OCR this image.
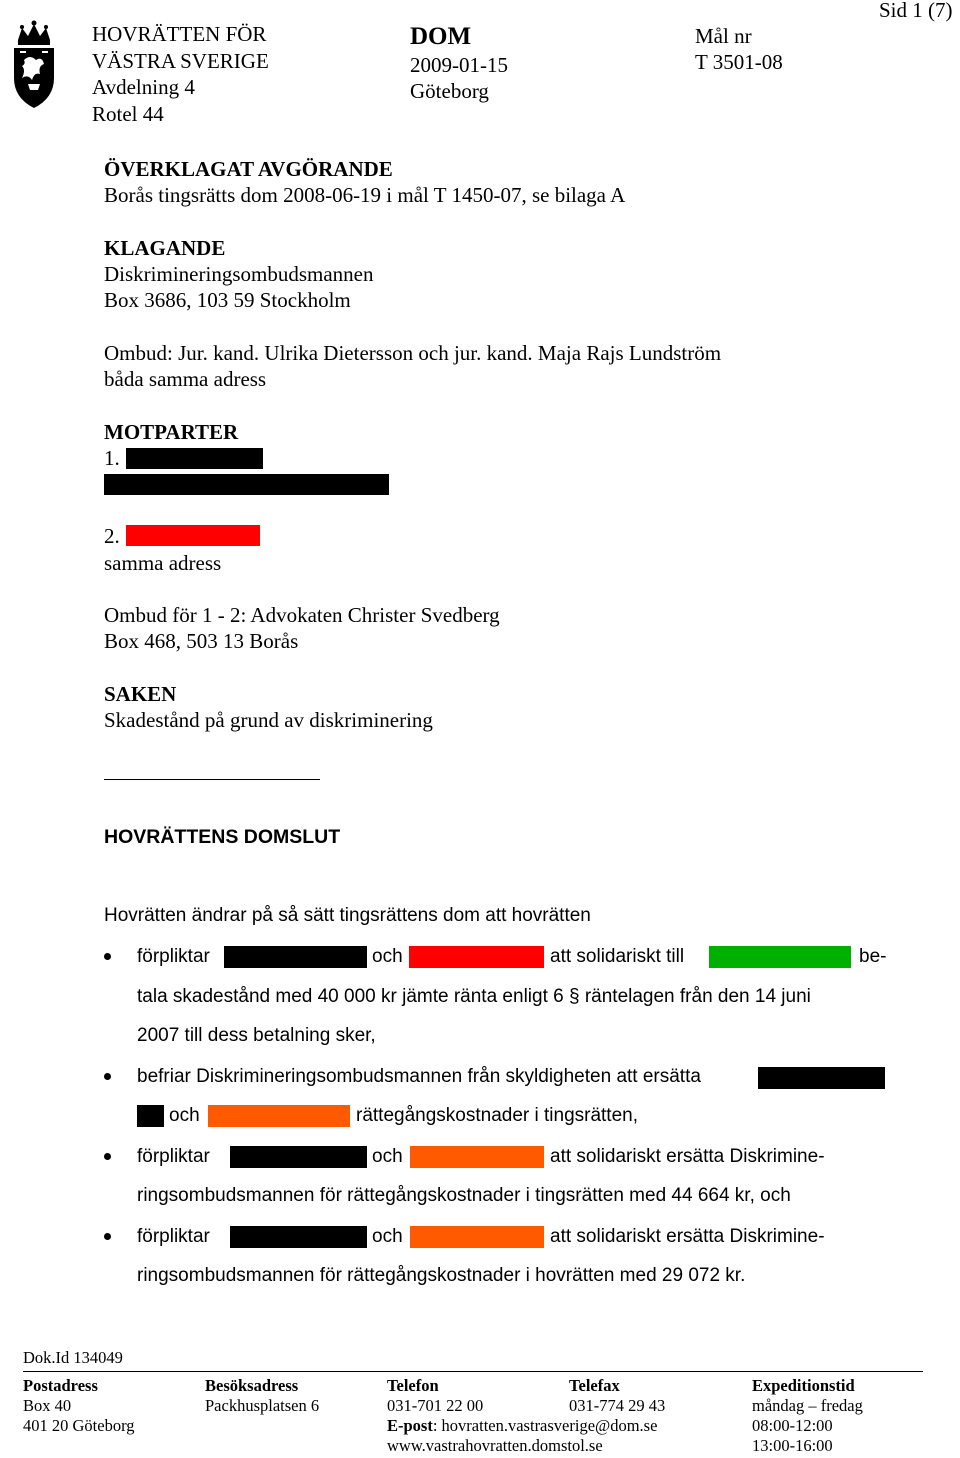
HOVRÄTTEN FÖR
VÄSTRA SVERIGE
Avdelning 4
Rotel 44
DOM
2009-01-15
Göteborg
Mål nr
T 3501-08
Sid 1 (7)
ÖVERKLAGAT AVGÖRANDE
Borås tingsrätts dom 2008-06-19 i mål T 1450-07, se bilaga A
KLAGANDE
Diskrimineringsombudsmannen
Box 3686, 103 59 Stockholm
Ombud: Jur. kand. Ulrika Dietersson och jur. kand. Maja Rajs Lundström
båda samma adress
MOTPARTER
1.
2.
samma adress
Ombud för 1 - 2: Advokaten Christer Svedberg
Box 468, 503 13 Borås
SAKEN
Skadestånd på grund av diskriminering
HOVRÄTTENS DOMSLUT
Hovrätten ändrar på så sätt tingsrättens dom att hovrätten
förpliktar	och	att solidariskt till	be-
tala skadestånd med 40 000 kr jämte ränta enligt 6 § räntelagen från den 14 juni
2007 till dess betalning sker,
befriar Diskrimineringsombudsmannen från skyldigheten att ersätta
och	rättegångskostnader i tingsrätten,
förpliktar	och	att solidariskt ersätta Diskrimine-
ringsombudsmannen för rättegångskostnader i tingsrätten med 44 664 kr, och
förpliktar	och	att solidariskt ersätta Diskrimine-
ringsombudsmannen för rättegångskostnader i hovrätten med 29 072 kr.
Dok.Id 134049
Postadress
Box 40
401 20 Göteborg
Besöksadress
Packhusplatsen 6
Telefon
031-701 22 00
E-post: hovratten.vastrasverige@dom.se
www.vastrahovratten.domstol.se
Telefax
031-774 29 43
Expeditionstid
måndag – fredag
08:00-12:00
13:00-16:00
